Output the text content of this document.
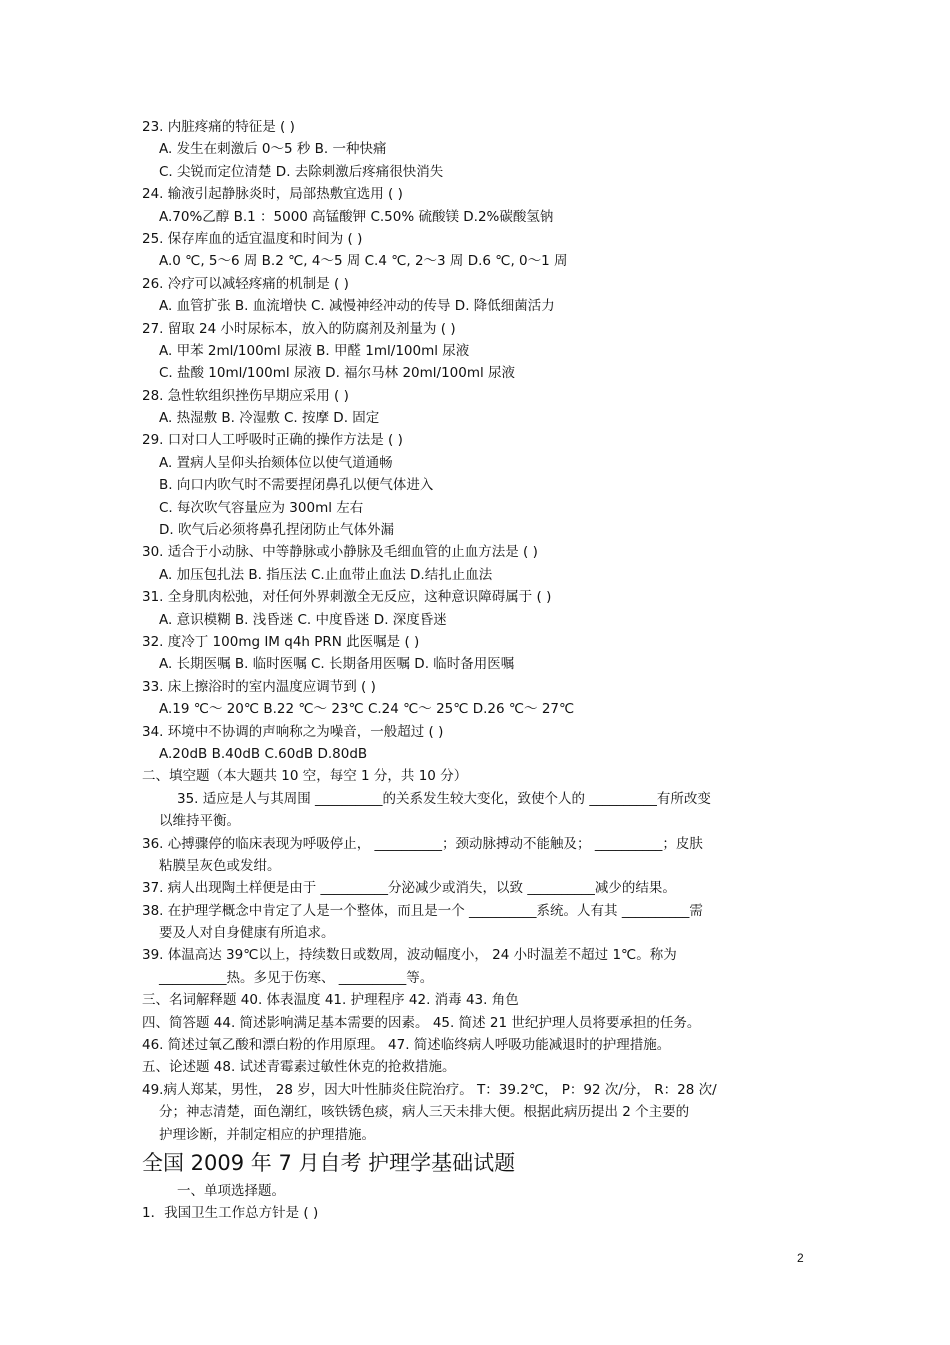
23. 内脏疼痛的特征是 ( )
A. 发生在刺激后 0～5 秒 B. 一种快痛
C. 尖锐而定位清楚 D. 去除刺激后疼痛很快消失
24. 输液引起静脉炎时，局部热敷宜选用 ( )
A.70%乙醇 B.1 ：5000 高锰酸钾 C.50% 硫酸镁 D.2%碳酸氢钠
25. 保存库血的适宜温度和时间为 ( )
A.0 ℃, 5～6 周 B.2 ℃, 4～5 周 C.4 ℃, 2～3 周 D.6 ℃, 0～1 周
26. 冷疗可以减轻疼痛的机制是 ( )
A. 血管扩张 B. 血流增快 C. 减慢神经冲动的传导 D. 降低细菌活力
27. 留取 24 小时尿标本，放入的防腐剂及剂量为 ( )
A. 甲苯 2ml/100ml 尿液 B. 甲醛 1ml/100ml 尿液
C. 盐酸 10ml/100ml 尿液 D. 福尔马林 20ml/100ml 尿液
28. 急性软组织挫伤早期应采用 ( )
A. 热湿敷 B. 冷湿敷 C. 按摩 D. 固定
29. 口对口人工呼吸时正确的操作方法是 ( )
A. 置病人呈仰头抬颏体位以使气道通畅
B. 向口内吹气时不需要捏闭鼻孔以便气体进入
C. 每次吹气容量应为 300ml 左右
D. 吹气后必须将鼻孔捏闭防止气体外漏
30. 适合于小动脉、中等静脉或小静脉及毛细血管的止血方法是 ( )
A. 加压包扎法 B. 指压法 C.止血带止血法 D.结扎止血法
31. 全身肌肉松弛，对任何外界刺激全无反应，这种意识障碍属于 ( )
A. 意识模糊 B. 浅昏迷 C. 中度昏迷 D. 深度昏迷
32. 度冷丁 100mg IM q4h PRN 此医嘱是 ( )
A. 长期医嘱 B. 临时医嘱 C. 长期备用医嘱 D. 临时备用医嘱
33. 床上擦浴时的室内温度应调节到 ( )
A.19 ℃～ 20℃ B.22 ℃～ 23℃ C.24 ℃～ 25℃ D.26 ℃～ 27℃
34. 环境中不协调的声响称之为噪音，一般超过 ( )
A.20dB B.40dB C.60dB D.80dB
二、填空题（本大题共 10 空，每空 1 分，共 10 分）
35. 适应是人与其周围 __________的关系发生较大变化，致使个人的 __________有所改变
以维持平衡。
36. 心搏骤停的临床表现为呼吸停止， __________；颈动脉搏动不能触及； __________；皮肤
粘膜呈灰色或发绀。
37. 病人出现陶土样便是由于 __________分泌减少或消失，以致 __________减少的结果。
38. 在护理学概念中肯定了人是一个整体，而且是一个 __________系统。人有其 __________需
要及人对自身健康有所追求。
39. 体温高达 39℃以上，持续数日或数周，波动幅度小， 24 小时温差不超过 1℃。称为
__________热。多见于伤寒、 __________等。
三、名词解释题 40. 体表温度 41. 护理程序 42. 消毒 43. 角色
四、简答题 44. 简述影响满足基本需要的因素。 45. 简述 21 世纪护理人员将要承担的任务。
46. 简述过氧乙酸和漂白粉的作用原理。 47. 简述临终病人呼吸功能减退时的护理措施。
五、论述题 48. 试述青霉素过敏性休克的抢救措施。
49.病人郑某，男性， 28 岁，因大叶性肺炎住院治疗。 T：39.2℃， P：92 次/分， R：28 次/
分；神志清楚，面色潮红，咳铁锈色痰，病人三天未排大便。根据此病历提出 2 个主要的
护理诊断，并制定相应的护理措施。
全国 2009 年 7 月自考 护理学基础试题
一、单项选择题。
1．我国卫生工作总方针是 ( )
2
